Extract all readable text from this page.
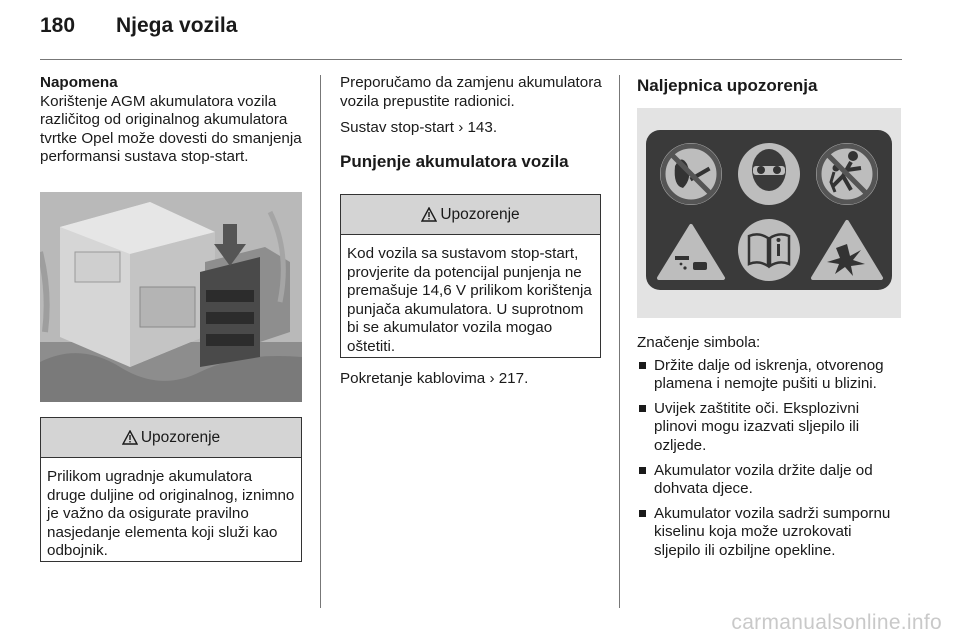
180 Njega vozila
Napomena
Korištenje AGM akumulatora vozila različitog od originalnog akumulatora tvrtke Opel može dovesti do smanjenja performansi sustava stop-start.
Upozorenje
Prilikom ugradnje akumulatora druge duljine od originalnog, iznimno je važno da osigurate pravilno nasjedanje elementa koji služi kao odbojnik.

Preporučamo da zamjenu akumulatora vozila prepustite radionici.

Sustav stop-start › 143.

Punjenje akumulatora vozila
Upozorenje
Kod vozila sa sustavom stop-start, provjerite da potencijal punjenja ne premašuje 14,6 V prilikom korištenja punjača akumulatora. U suprotnom bi se akumulator vozila mogao oštetiti.
Pokretanje kablovima › 217.
Naljepnica upozorenja

Značenje simbola:

Držite dalje od iskrenja, otvorenog plamena i nemojte pušiti u blizini.
Uvijek zaštitite oči. Eksplozivni plinovi mogu izazvati sljepilo ili ozljede.
Akumulator vozila držite dalje od dohvata djece.
Akumulator vozila sadrži sumpornu kiselinu koja može uzrokovati sljepilo ili ozbiljne opekline.
carmanualsonline.info
